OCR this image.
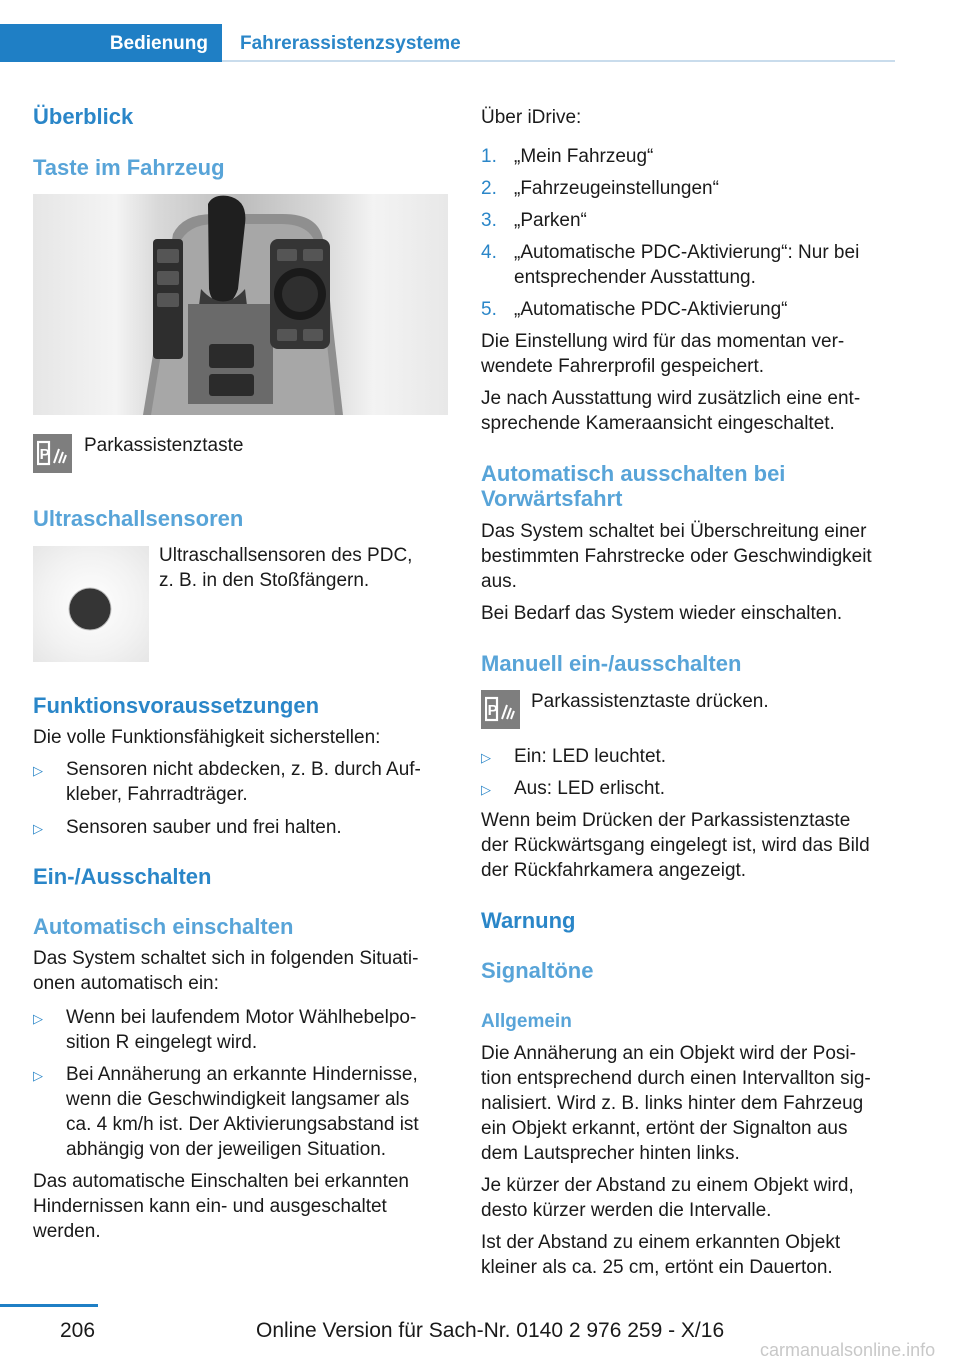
Bedienung Fahrerassistenzsysteme
Überblick
Taste im Fahrzeug
P Parkassistenztaste
Ultraschallsensoren
Ultraschallsensoren des PDC,
z. B. in den Stoßfängern.
Funktionsvoraussetzungen
Die volle Funktionsfähigkeit sicherstellen:
▷ Sensoren nicht abdecken, z. B. durch Auf-
kleber, Fahrradträger.
▷ Sensoren sauber und frei halten.
Ein-/Ausschalten
Automatisch einschalten
Das System schaltet sich in folgenden Situati-
onen automatisch ein:
▷ Wenn bei laufendem Motor Wählhebelpo-
sition R eingelegt wird.
▷ Bei Annäherung an erkannte Hindernisse,
wenn die Geschwindigkeit langsamer als
ca. 4 km/h ist. Der Aktivierungsabstand ist
abhängig von der jeweiligen Situation.
Das automatische Einschalten bei erkannten
Hindernissen kann ein- und ausgeschaltet
werden.
Über iDrive:
1. „Mein Fahrzeug“
2. „Fahrzeugeinstellungen“
3. „Parken“
4. „Automatische PDC-Aktivierung“: Nur bei
entsprechender Ausstattung.
5. „Automatische PDC-Aktivierung“
Die Einstellung wird für das momentan ver-
wendete Fahrerprofil gespeichert.
Je nach Ausstattung wird zusätzlich eine ent-
sprechende Kameraansicht eingeschaltet.
Automatisch ausschalten bei
Vorwärtsfahrt
Das System schaltet bei Überschreitung einer
bestimmten Fahrstrecke oder Geschwindigkeit
aus.
Bei Bedarf das System wieder einschalten.
Manuell ein-/ausschalten
P Parkassistenztaste drücken.
▷ Ein: LED leuchtet.
▷ Aus: LED erlischt.
Wenn beim Drücken der Parkassistenztaste
der Rückwärtsgang eingelegt ist, wird das Bild
der Rückfahrkamera angezeigt.
Warnung
Signaltöne
Allgemein
Die Annäherung an ein Objekt wird der Posi-
tion entsprechend durch einen Intervallton sig-
nalisiert. Wird z. B. links hinter dem Fahrzeug
ein Objekt erkannt, ertönt der Signalton aus
dem Lautsprecher hinten links.
Je kürzer der Abstand zu einem Objekt wird,
desto kürzer werden die Intervalle.
Ist der Abstand zu einem erkannten Objekt
kleiner als ca. 25 cm, ertönt ein Dauerton.
206	Online Version für Sach-Nr. 0140 2 976 259 - X/16
carmanualsonline.info
